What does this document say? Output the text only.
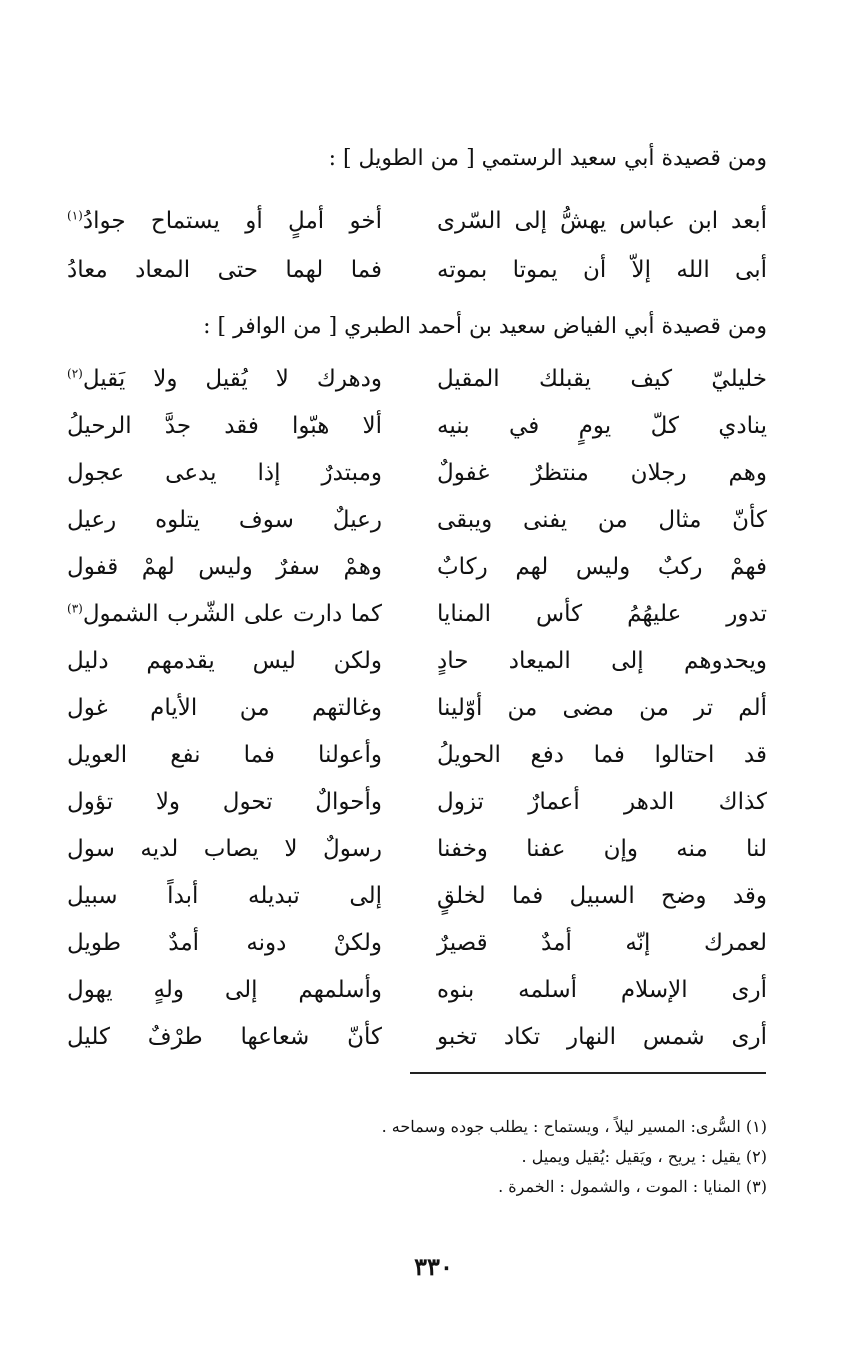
ومن قصيدة أبي سعيد الرستمي [ من الطويل ] :
أبعد ابن عباس يهشُّ إلى السّرى
أخو أملٍ أو يستماح جوادُ$^{(١)}$
أبى الله إلاّ أن يموتا بموته
فما لهما حتى المعاد معادُ
ومن قصيدة أبي الفياض سعيد بن أحمد الطبري [ من الوافر ] :
خليليّ كيف يقبلك المقيل
ودهرك لا يُقيل ولا يَقيل$^{(٢)}$
ينادي كلّ يومٍ في بنيه
ألا هبّوا فقد جدَّ الرحيلُ
وهم رجلان منتظرٌ غفولٌ
ومبتدرٌ إذا يدعى عجول
كأنّ مثال من يفنى ويبقى
رعيلٌ سوف يتلوه رعيل
فهمْ ركبٌ وليس لهم ركابٌ
وهمْ سفرٌ وليس لهمْ قفول
تدور عليهُمُ كأس المنايا
كما دارت على الشّرب الشمول$^{(٣)}$
ويحدوهم إلى الميعاد حادٍ
ولكن ليس يقدمهم دليل
ألم تر من مضى من أوّلينا
وغالتهم من الأيام غول
قد احتالوا فما دفع الحويلُ
وأعولنا فما نفع العويل
كذاك الدهر أعمارٌ تزول
وأحوالٌ تحول ولا تؤول
لنا منه وإن عفنا وخفنا
رسولٌ لا يصاب لديه سول
وقد وضح السبيل فما لخلقٍ
إلى تبديله أبداً سبيل
لعمرك إنّه أمدٌ قصيرٌ
ولكنْ دونه أمدٌ طويل
أرى الإسلام أسلمه بنوه
وأسلمهم إلى ولهٍ يهول
أرى شمس النهار تكاد تخبو
كأنّ شعاعها طرْفٌ كليل
(١) السُّرى: المسير ليلاً ، ويستماح : يطلب جوده وسماحه .
(٢) يقيل : يريح ، ويَقيل :يُقيل ويميل .
(٣) المنايا : الموت ، والشمول : الخمرة .
٣٣٠
